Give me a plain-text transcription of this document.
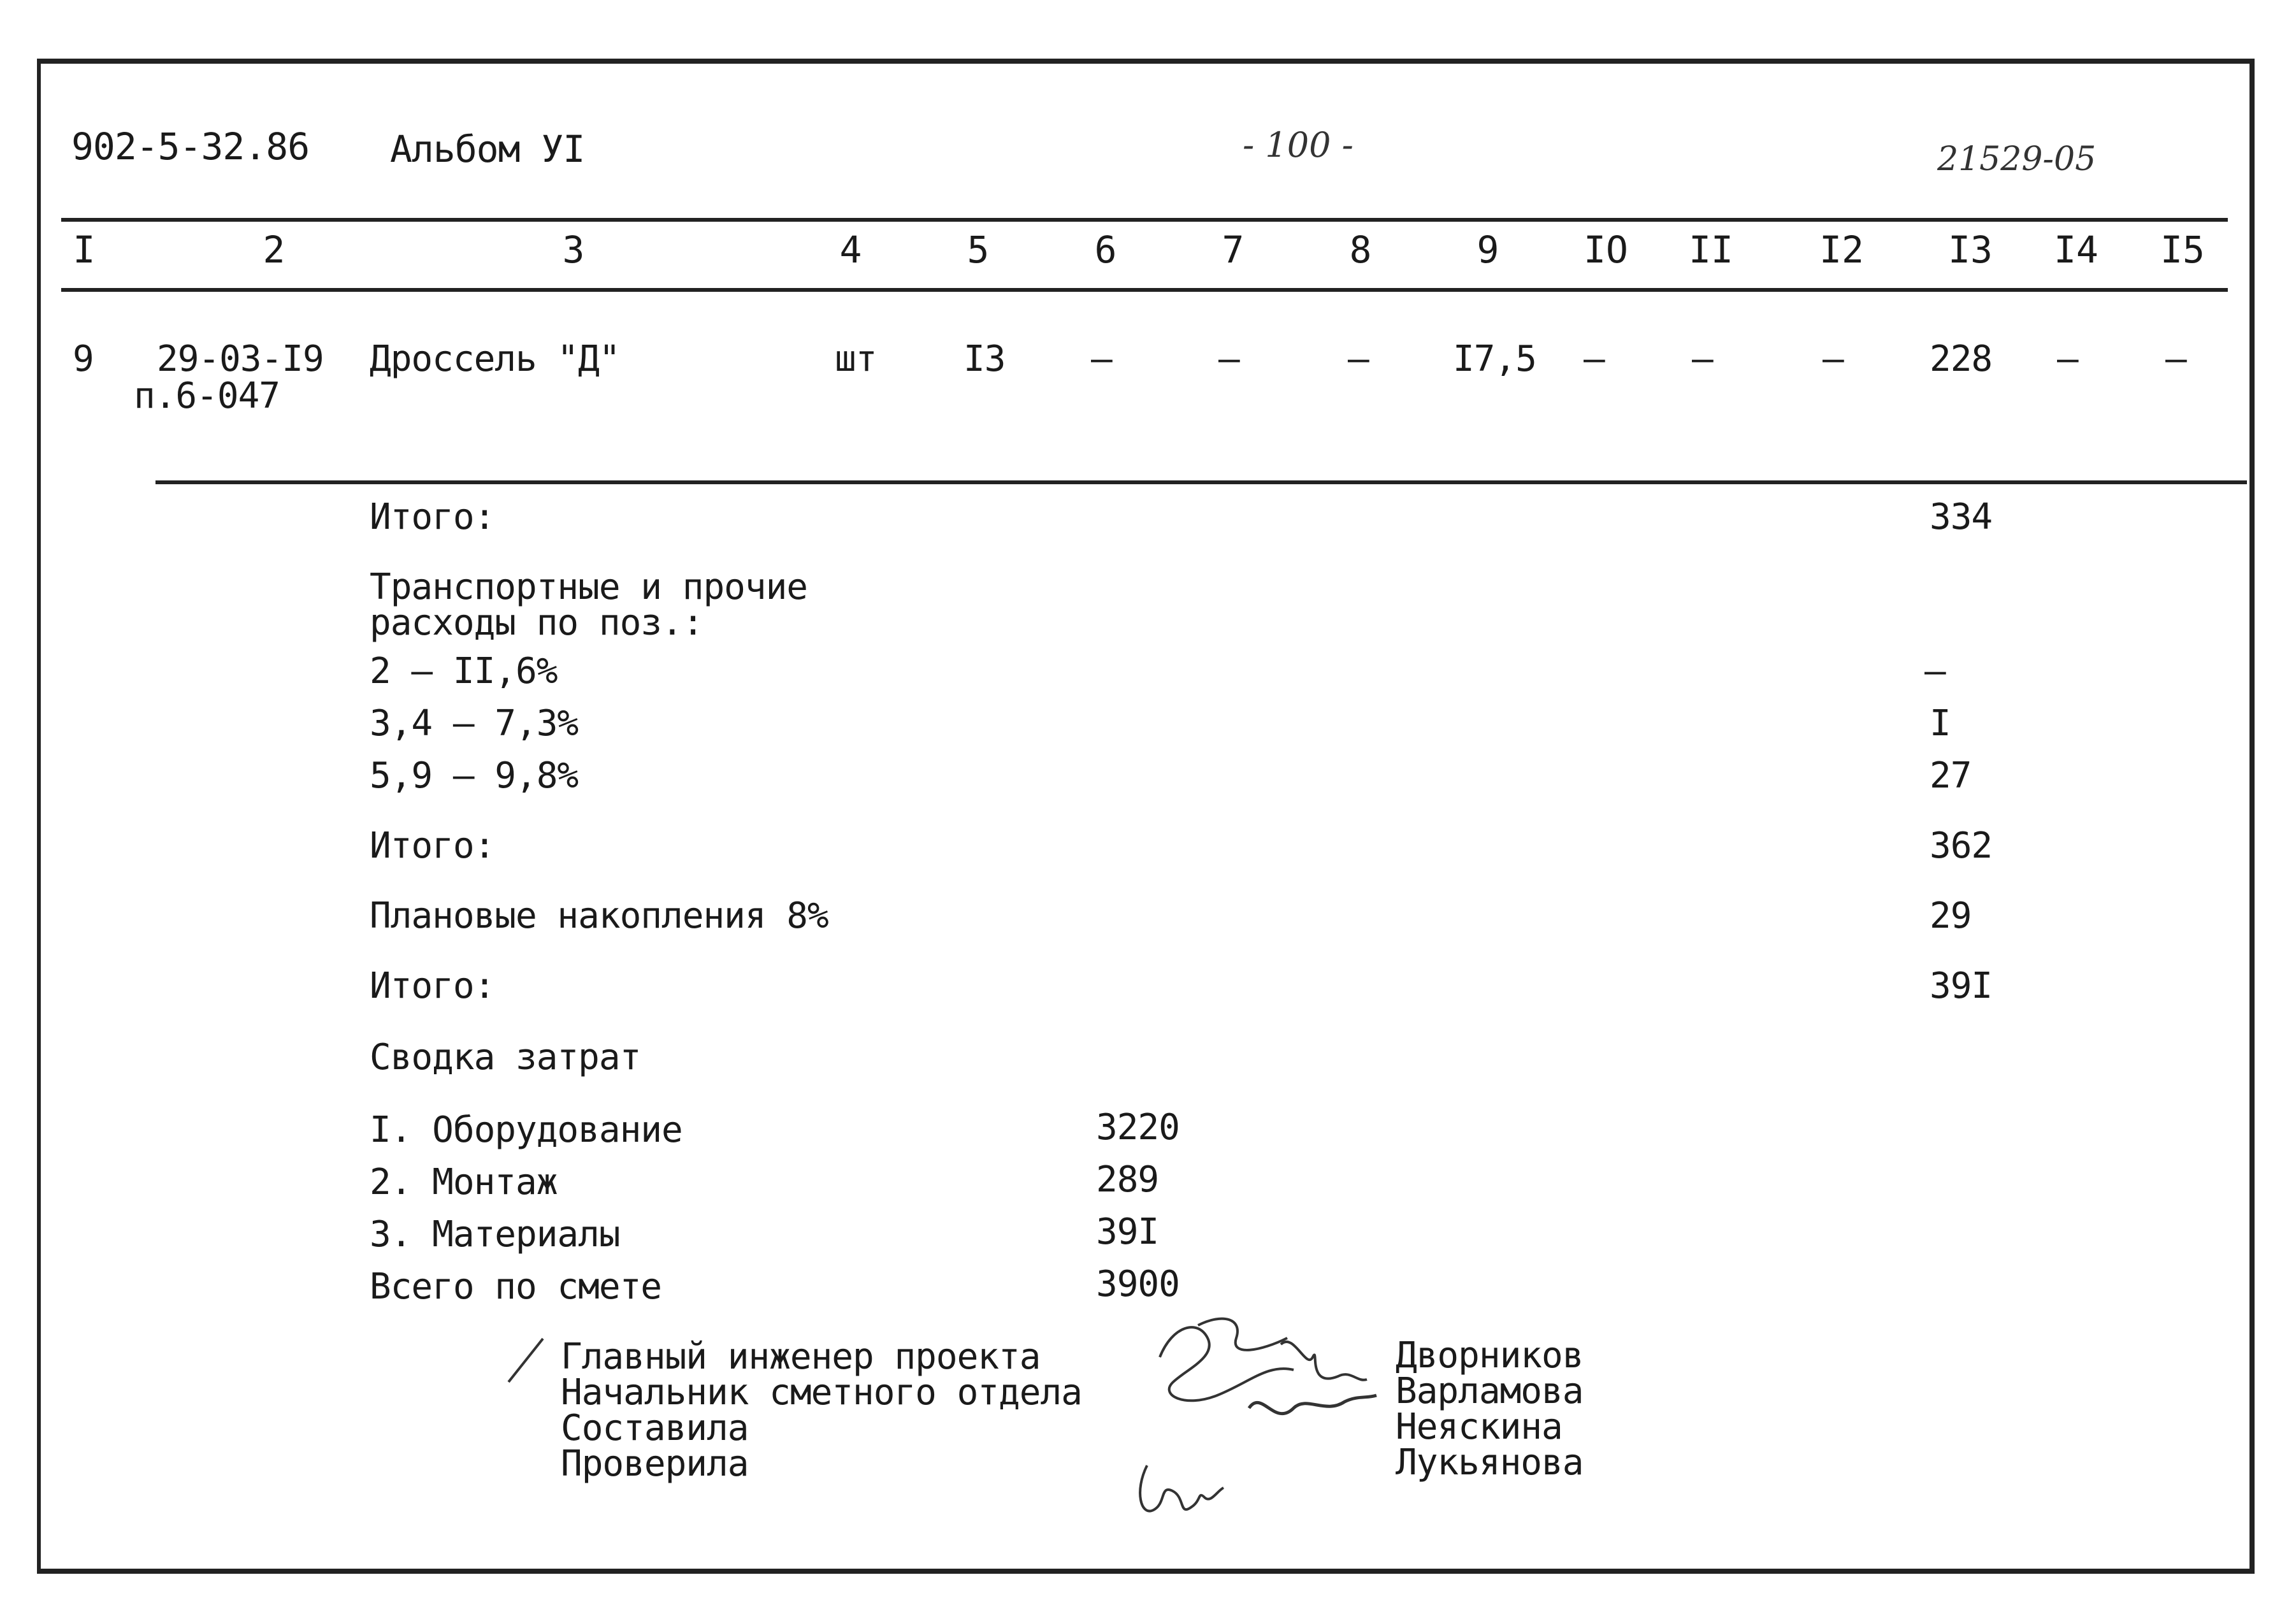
902-5-32.86 Альбом УI	- 100 -	21529-05
I	2	3	4	5	6	7	8	9 IO II I2 I3 I4 I5
9 29-03-I9
п.6-047
Дроссель "Д"	шт I3 –	–	– I7,5 – –	– 228 – –
Итого:	334
Транспортные и прочие
расходы по поз.:
2 – II,6%	–
3,4 – 7,3%	I
5,9 – 9,8%	27
Итого:	362
Плановые накопления 8%	29
Итого:	39I
Сводка затрат
I. Оборудование	3220
2. Монтаж	289
3. Материалы	39I
Всего по смете	3900
Главный инженер проекта
Начальник сметного отдела
Составила
Проверила
Дворников
Варламова
Неяскина
Лукьянова
